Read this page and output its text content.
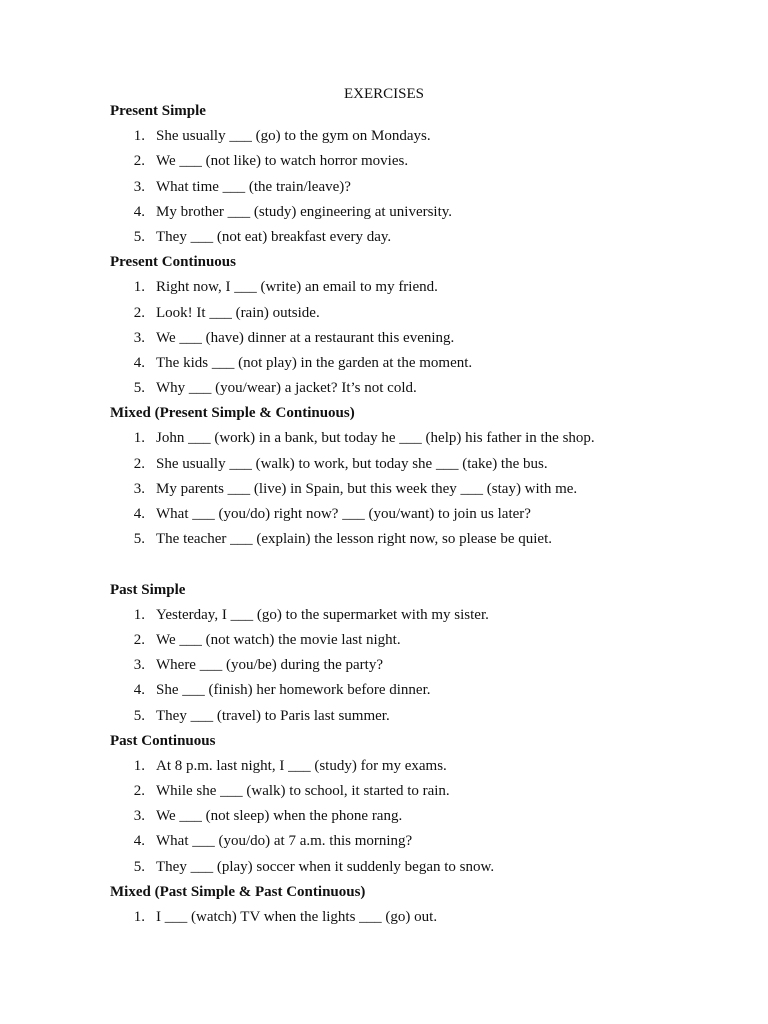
EXERCISES
Present Simple
1. She usually ___ (go) to the gym on Mondays.
2. We ___ (not like) to watch horror movies.
3. What time ___ (the train/leave)?
4. My brother ___ (study) engineering at university.
5. They ___ (not eat) breakfast every day.
Present Continuous
1. Right now, I ___ (write) an email to my friend.
2. Look! It ___ (rain) outside.
3. We ___ (have) dinner at a restaurant this evening.
4. The kids ___ (not play) in the garden at the moment.
5. Why ___ (you/wear) a jacket? It’s not cold.
Mixed (Present Simple & Continuous)
1. John ___ (work) in a bank, but today he ___ (help) his father in the shop.
2. She usually ___ (walk) to work, but today she ___ (take) the bus.
3. My parents ___ (live) in Spain, but this week they ___ (stay) with me.
4. What ___ (you/do) right now? ___ (you/want) to join us later?
5. The teacher ___ (explain) the lesson right now, so please be quiet.
Past Simple
1. Yesterday, I ___ (go) to the supermarket with my sister.
2. We ___ (not watch) the movie last night.
3. Where ___ (you/be) during the party?
4. She ___ (finish) her homework before dinner.
5. They ___ (travel) to Paris last summer.
Past Continuous
1. At 8 p.m. last night, I ___ (study) for my exams.
2. While she ___ (walk) to school, it started to rain.
3. We ___ (not sleep) when the phone rang.
4. What ___ (you/do) at 7 a.m. this morning?
5. They ___ (play) soccer when it suddenly began to snow.
Mixed (Past Simple & Past Continuous)
1. I ___ (watch) TV when the lights ___ (go) out.
